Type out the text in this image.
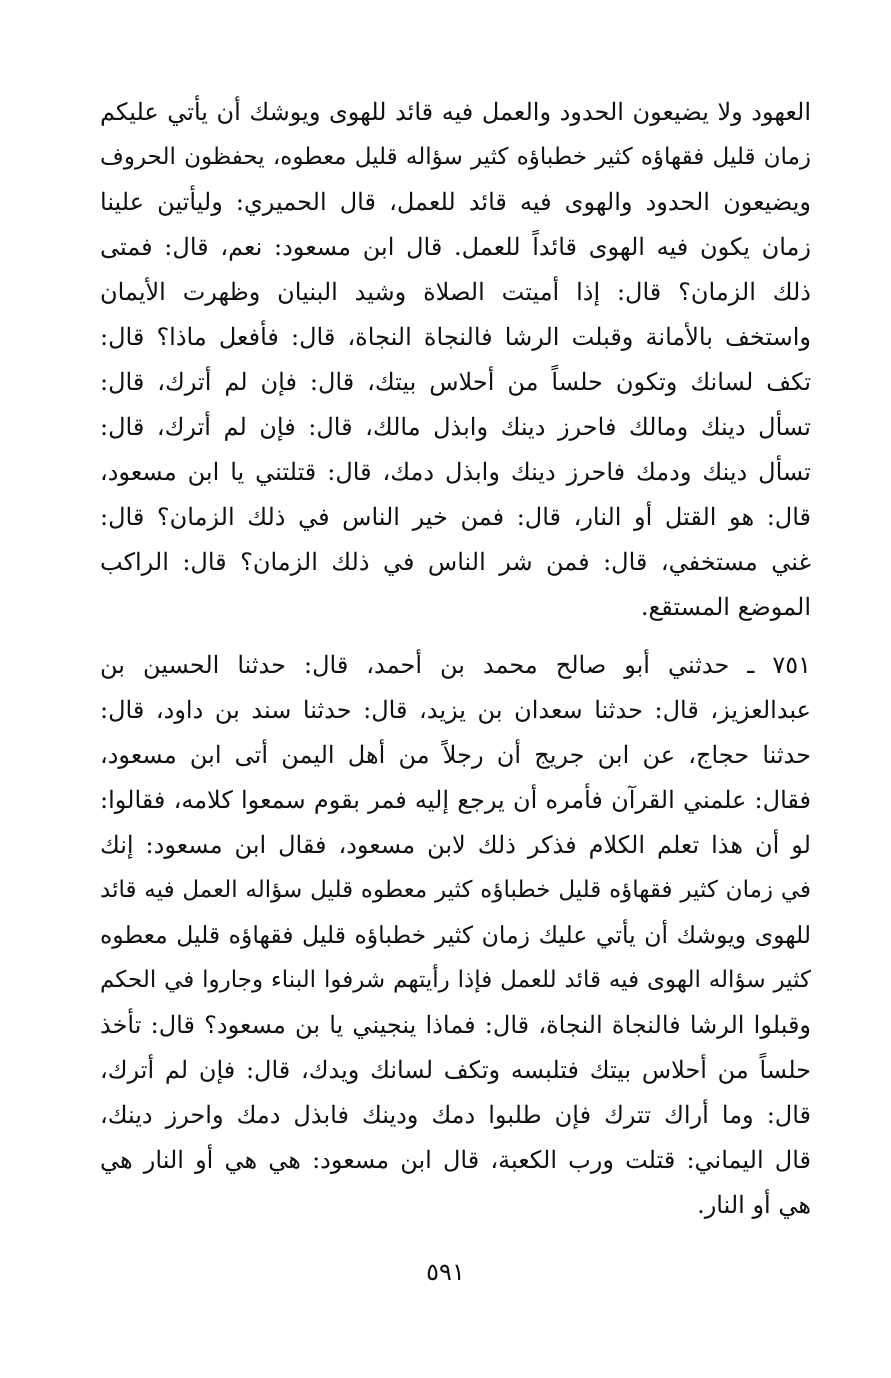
العهود ولا يضيعون الحدود والعمل فيه قائد للهوى ويوشك أن يأتي عليكم
زمان قليل فقهاؤه كثير خطباؤه كثير سؤاله قليل معطوه، يحفظون الحروف
ويضيعون الحدود والهوى فيه قائد للعمل، قال الحميري: وليأتين علينا
زمان يكون فيه الهوى قائداً للعمل. قال ابن مسعود: نعم، قال: فمتى
ذلك الزمان؟ قال: إذا أميتت الصلاة وشيد البنيان وظهرت الأيمان
واستخف بالأمانة وقبلت الرشا فالنجاة النجاة، قال: فأفعل ماذا؟ قال:
تكف لسانك وتكون حلساً من أحلاس بيتك، قال: فإن لم أترك، قال:
تسأل دينك ومالك فاحرز دينك وابذل مالك، قال: فإن لم أترك، قال:
تسأل دينك ودمك فاحرز دينك وابذل دمك، قال: قتلتني يا ابن مسعود،
قال: هو القتل أو النار، قال: فمن خير الناس في ذلك الزمان؟ قال:
غني مستخفي، قال: فمن شر الناس في ذلك الزمان؟ قال: الراكب
الموضع المستقع.
٧٥١ ـ حدثني أبو صالح محمد بن أحمد، قال: حدثنا الحسين بن
عبدالعزيز، قال: حدثنا سعدان بن يزيد، قال: حدثنا سند بن داود، قال:
حدثنا حجاج، عن ابن جريج أن رجلاً من أهل اليمن أتى ابن مسعود،
فقال: علمني القرآن فأمره أن يرجع إليه فمر بقوم سمعوا كلامه، فقالوا:
لو أن هذا تعلم الكلام فذكر ذلك لابن مسعود، فقال ابن مسعود: إنك
في زمان كثير فقهاؤه قليل خطباؤه كثير معطوه قليل سؤاله العمل فيه قائد
للهوى ويوشك أن يأتي عليك زمان كثير خطباؤه قليل فقهاؤه قليل معطوه
كثير سؤاله الهوى فيه قائد للعمل فإذا رأيتهم شرفوا البناء وجاروا في الحكم
وقبلوا الرشا فالنجاة النجاة، قال: فماذا ينجيني يا بن مسعود؟ قال: تأخذ
حلساً من أحلاس بيتك فتلبسه وتكف لسانك ويدك، قال: فإن لم أترك،
قال: وما أراك تترك فإن طلبوا دمك ودينك فابذل دمك واحرز دينك،
قال اليماني: قتلت ورب الكعبة، قال ابن مسعود: هي هي أو النار هي
هي أو النار.
٥٩١
